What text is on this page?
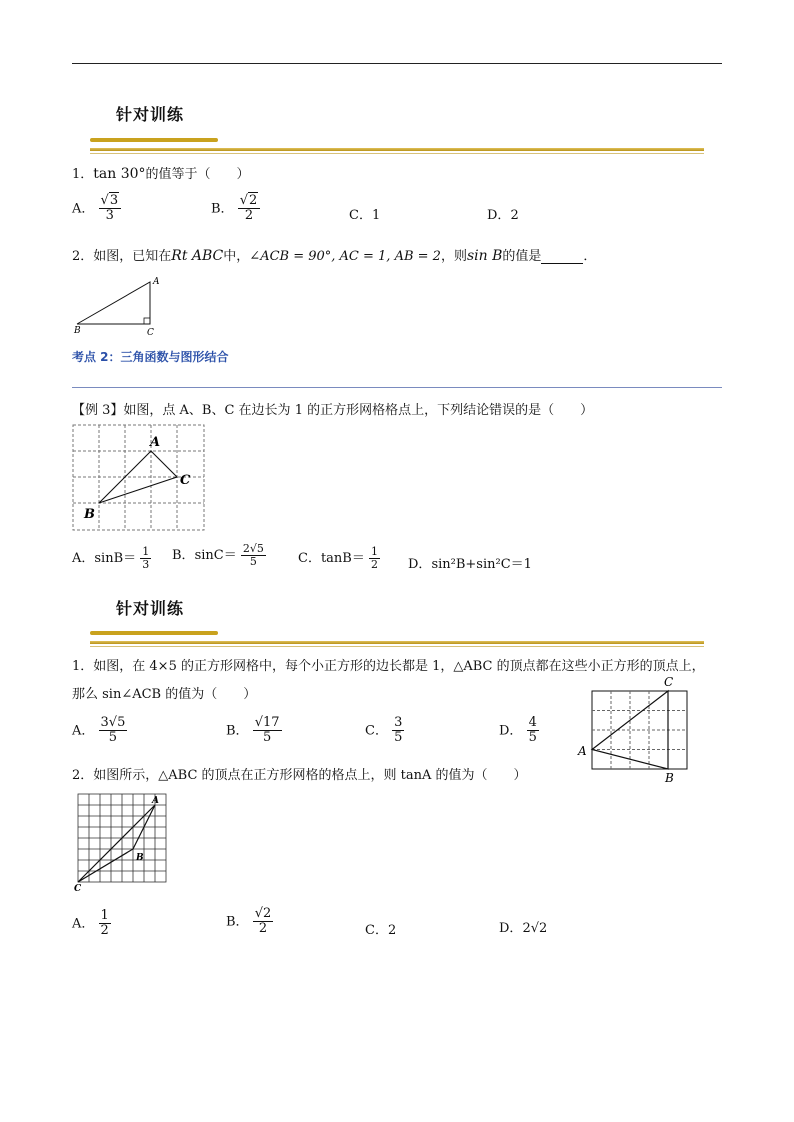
针对训练
1．tan 30°的值等于（　　）
A． $\frac{√3}{3}$	B． $\frac{√2}{2}$	C．1	D．2
2．如图，已知在Rt ABC中，∠ACB = 90°, AC = 1, AB = 2，则sin B的值是	．
A
B	C
考点 2：三角函数与图形结合
【例 3】如图，点 A、B、C 在边长为 1 的正方形网格格点上，下列结论错误的是（　　）
A
C
B
A．$\sin B= \frac{1}{3}$ B．$\sin C= \frac{2√5}{5}$ C．$\tan B= \frac{1}{2}$ D．sin²B+sin²C＝1
针对训练
1．如图，在 4×5 的正方形网格中，每个小正方形的边长都是 1，△ABC 的顶点都在这些小正方形的顶点上，
那么 sin∠ACB 的值为（　　）
A． $\frac{3√5}{5}$	B． $\frac{√17}{5}$	C． $\frac{3}{5}$	D． $\frac{4}{5}$
C
A
B
2．如图所示，△ABC 的顶点在正方形网格的格点上，则 tanA 的值为（　　）
A
B
C
A． $\frac{1}{2}$	B． $\frac{√2}{2}$	C．2	D．2√2
